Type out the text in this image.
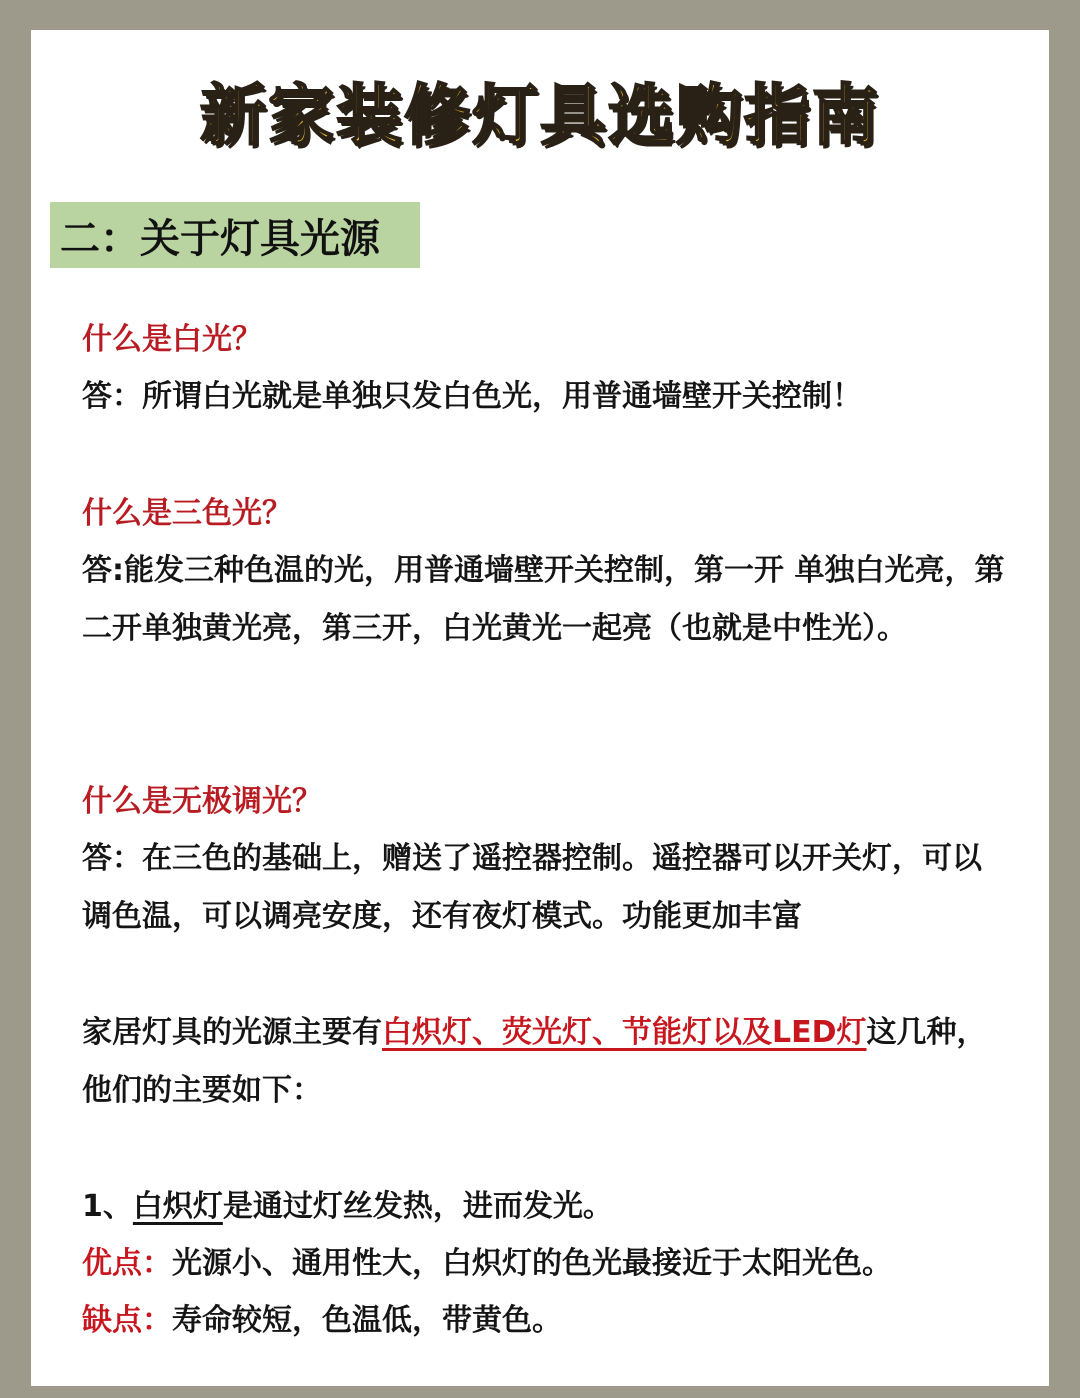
新家装修灯具选购指南
二：关于灯具光源
什么是白光？
答：所谓白光就是单独只发白色光，用普通墙壁开关控制！
什么是三色光？
答:能发三种色温的光，用普通墙壁开关控制，第一开 单独白光亮，第二开单独黄光亮，第三开，白光黄光一起亮（也就是中性光）。
什么是无极调光？
答：在三色的基础上，赠送了遥控器控制。遥控器可以开关灯，可以调色温，可以调亮安度，还有夜灯模式。功能更加丰富
家居灯具的光源主要有白炽灯、荧光灯、节能灯以及LED灯这几种，他们的主要如下：
1、白炽灯是通过灯丝发热，进而发光。
优点：光源小、通用性大，白炽灯的色光最接近于太阳光色。
缺点：寿命较短，色温低，带黄色。
